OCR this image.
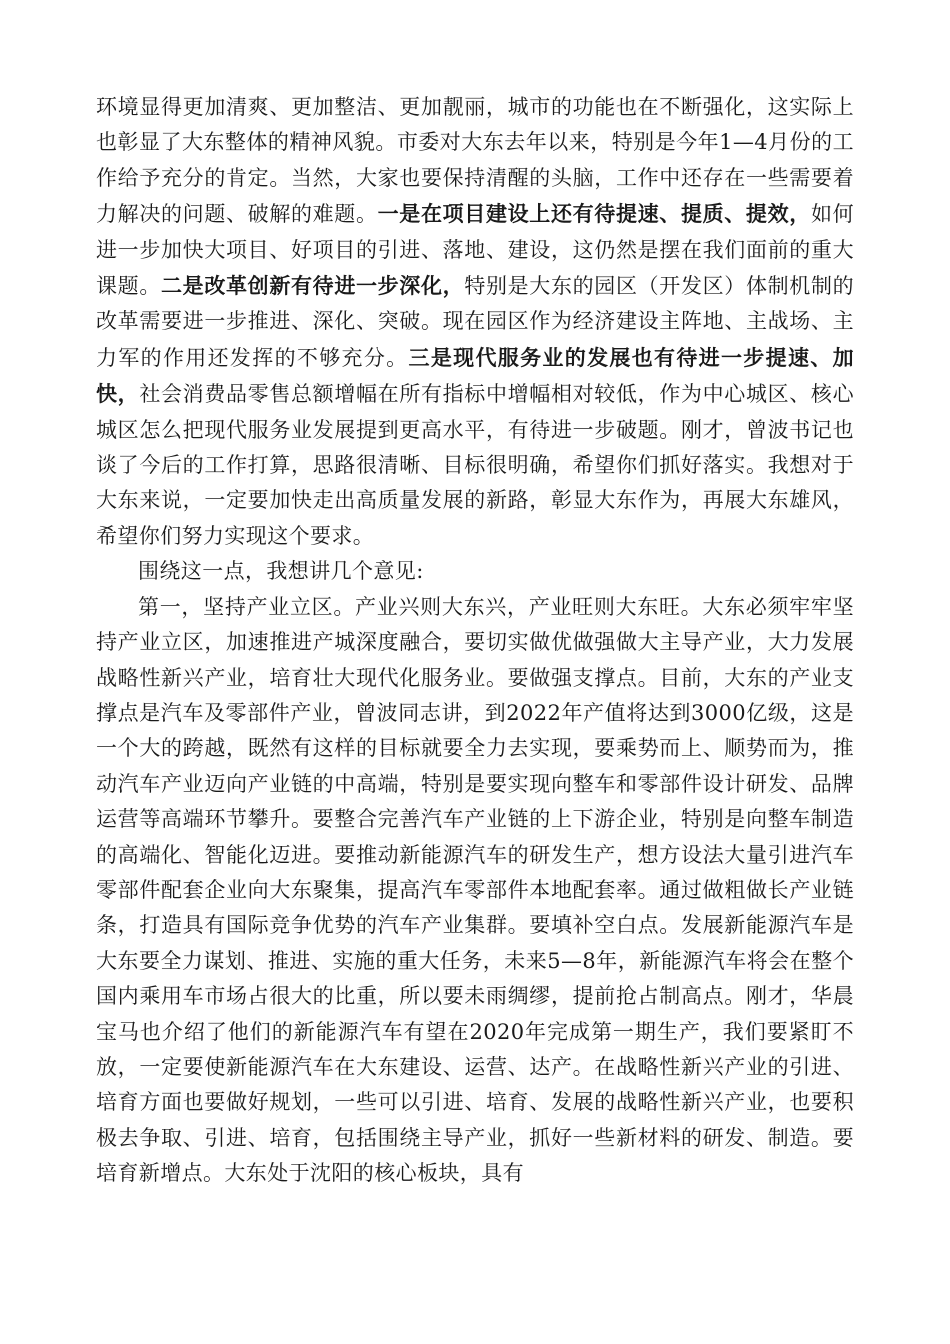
环境显得更加清爽、更加整洁、更加靓丽，城市的功能也在不断强化，这实际上也彰显了大东整体的精神风貌。市委对大东去年以来，特别是今年1—4月份的工作给予充分的肯定。当然，大家也要保持清醒的头脑，工作中还存在一些需要着力解决的问题、破解的难题。一是在项目建设上还有待提速、提质、提效，如何进一步加快大项目、好项目的引进、落地、建设，这仍然是摆在我们面前的重大课题。二是改革创新有待进一步深化，特别是大东的园区（开发区）体制机制的改革需要进一步推进、深化、突破。现在园区作为经济建设主阵地、主战场、主力军的作用还发挥的不够充分。三是现代服务业的发展也有待进一步提速、加快，社会消费品零售总额增幅在所有指标中增幅相对较低，作为中心城区、核心城区怎么把现代服务业发展提到更高水平，有待进一步破题。刚才，曾波书记也谈了今后的工作打算，思路很清晰、目标很明确，希望你们抓好落实。我想对于大东来说，一定要加快走出高质量发展的新路，彰显大东作为，再展大东雄风，希望你们努力实现这个要求。

围绕这一点，我想讲几个意见:

第一，坚持产业立区。产业兴则大东兴，产业旺则大东旺。大东必须牢牢坚持产业立区，加速推进产城深度融合，要切实做优做强做大主导产业，大力发展战略性新兴产业，培育壮大现代化服务业。要做强支撑点。目前，大东的产业支撑点是汽车及零部件产业，曾波同志讲，到2022年产值将达到3000亿级，这是一个大的跨越，既然有这样的目标就要全力去实现，要乘势而上、顺势而为，推动汽车产业迈向产业链的中高端，特别是要实现向整车和零部件设计研发、品牌运营等高端环节攀升。要整合完善汽车产业链的上下游企业，特别是向整车制造的高端化、智能化迈进。要推动新能源汽车的研发生产，想方设法大量引进汽车零部件配套企业向大东聚集，提高汽车零部件本地配套率。通过做粗做长产业链条，打造具有国际竞争优势的汽车产业集群。要填补空白点。发展新能源汽车是大东要全力谋划、推进、实施的重大任务，未来5—8年，新能源汽车将会在整个国内乘用车市场占很大的比重，所以要未雨绸缪，提前抢占制高点。刚才，华晨宝马也介绍了他们的新能源汽车有望在2020年完成第一期生产，我们要紧盯不放，一定要使新能源汽车在大东建设、运营、达产。在战略性新兴产业的引进、培育方面也要做好规划，一些可以引进、培育、发展的战略性新兴产业，也要积极去争取、引进、培育，包括围绕主导产业，抓好一些新材料的研发、制造。要培育新增点。大东处于沈阳的核心板块，具有
